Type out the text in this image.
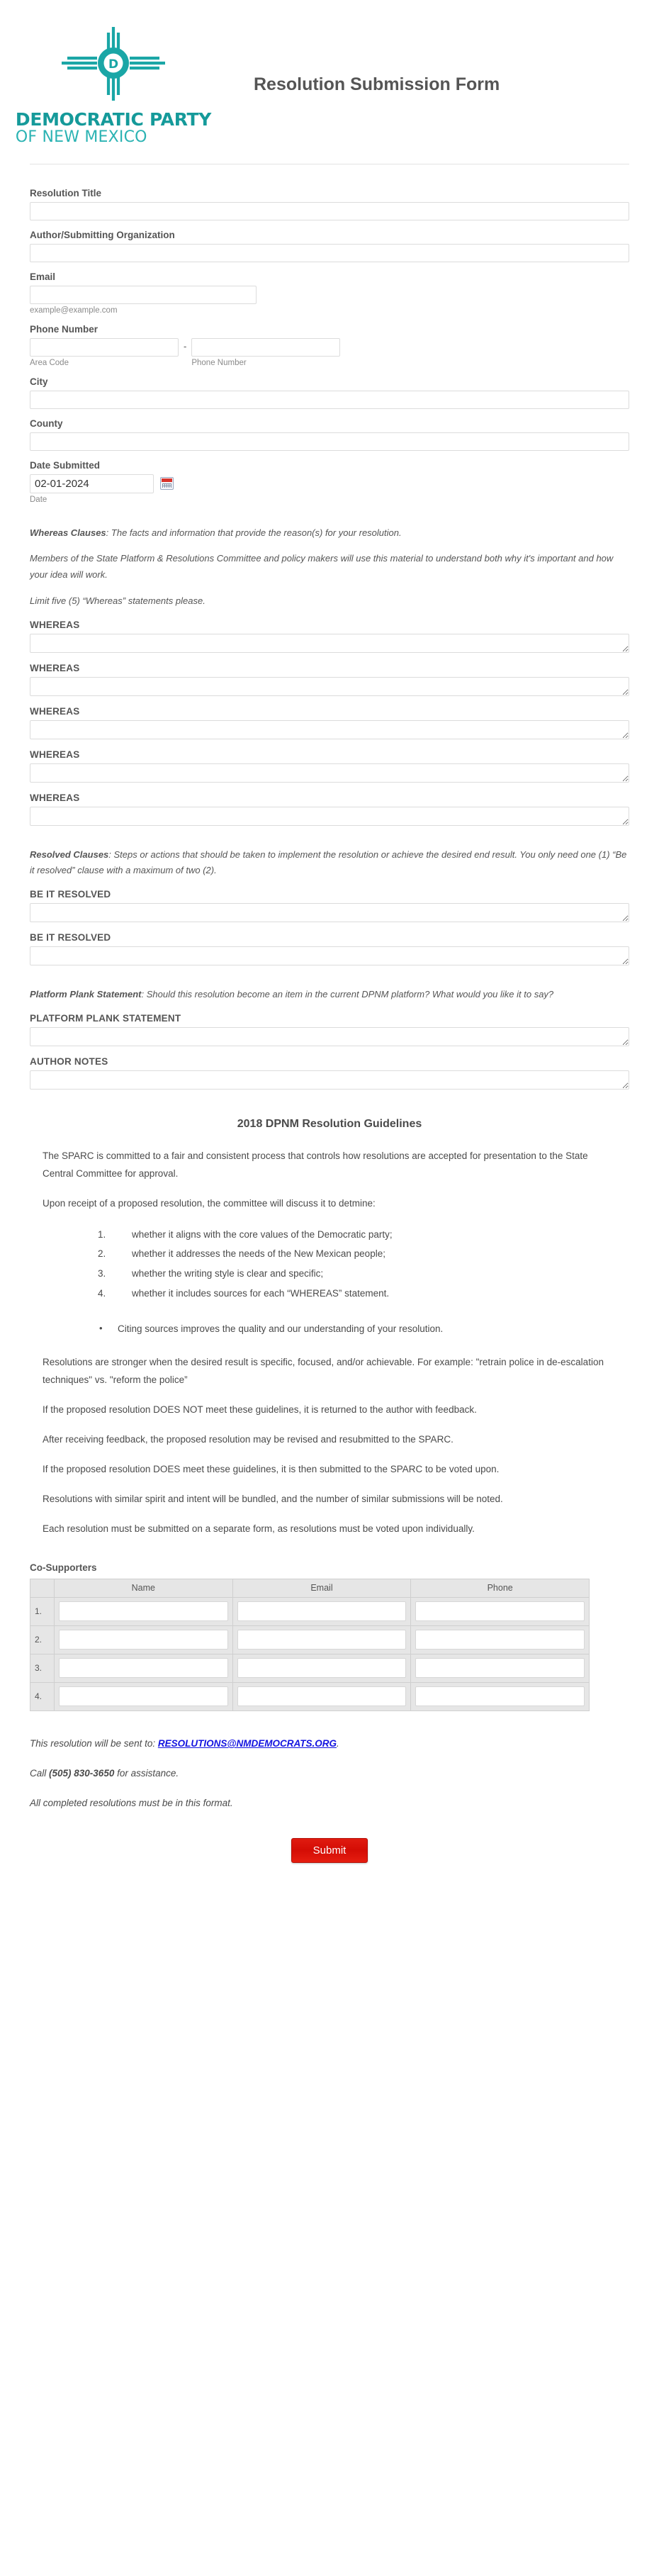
D
DEMOCRATIC PARTY
OF NEW MEXICO
Resolution Submission Form
Resolution Title
Author/Submitting Organization
Email
example@example.com
Phone Number
Area Code
-
Phone Number
City
County
Date Submitted
02-01-2024
Date

Whereas Clauses: The facts and information that provide the reason(s) for your resolution.

Members of the State Platform & Resolutions Committee and policy makers will use this material to understand both why it's important and how your idea will work.

Limit five (5) “Whereas” statements please.

WHEREAS
WHEREAS
WHEREAS
WHEREAS
WHEREAS

Resolved Clauses: Steps or actions that should be taken to implement the resolution or achieve the desired end result. You only need one (1) “Be it resolved” clause with a maximum of two (2).

BE IT RESOLVED
BE IT RESOLVED

Platform Plank Statement: Should this resolution become an item in the current DPNM platform? What would you like it to say?

PLATFORM PLANK STATEMENT
AUTHOR NOTES
2018 DPNM Resolution Guidelines

The SPARC is committed to a fair and consistent process that controls how resolutions are accepted for presentation to the State Central Committee for approval.

Upon receipt of a proposed resolution, the committee will discuss it to detmine:

whether it aligns with the core values of the Democratic party;
whether it addresses the needs of the New Mexican people;
whether the writing style is clear and specific;
whether it includes sources for each “WHEREAS” statement.
• Citing sources improves the quality and our understanding of your resolution.

Resolutions are stronger when the desired result is specific, focused, and/or achievable. For example: "retrain police in de-escalation techniques" vs. "reform the police”

If the proposed resolution DOES NOT meet these guidelines, it is returned to the author with feedback.

After receiving feedback, the proposed resolution may be revised and resubmitted to the SPARC.

If the proposed resolution DOES meet these guidelines, it is then submitted to the SPARC to be voted upon.

Resolutions with similar spirit and intent will be bundled, and the number of similar submissions will be noted.

Each resolution must be submitted on a separate form, as resolutions must be voted upon individually.

Co-Supporters
	Name	Email	Phone
1.			
2.			
3.			
4.			
This resolution will be sent to: RESOLUTIONS@NMDEMOCRATS.ORG.
Call (505) 830-3650 for assistance.
All completed resolutions must be in this format.
Submit
